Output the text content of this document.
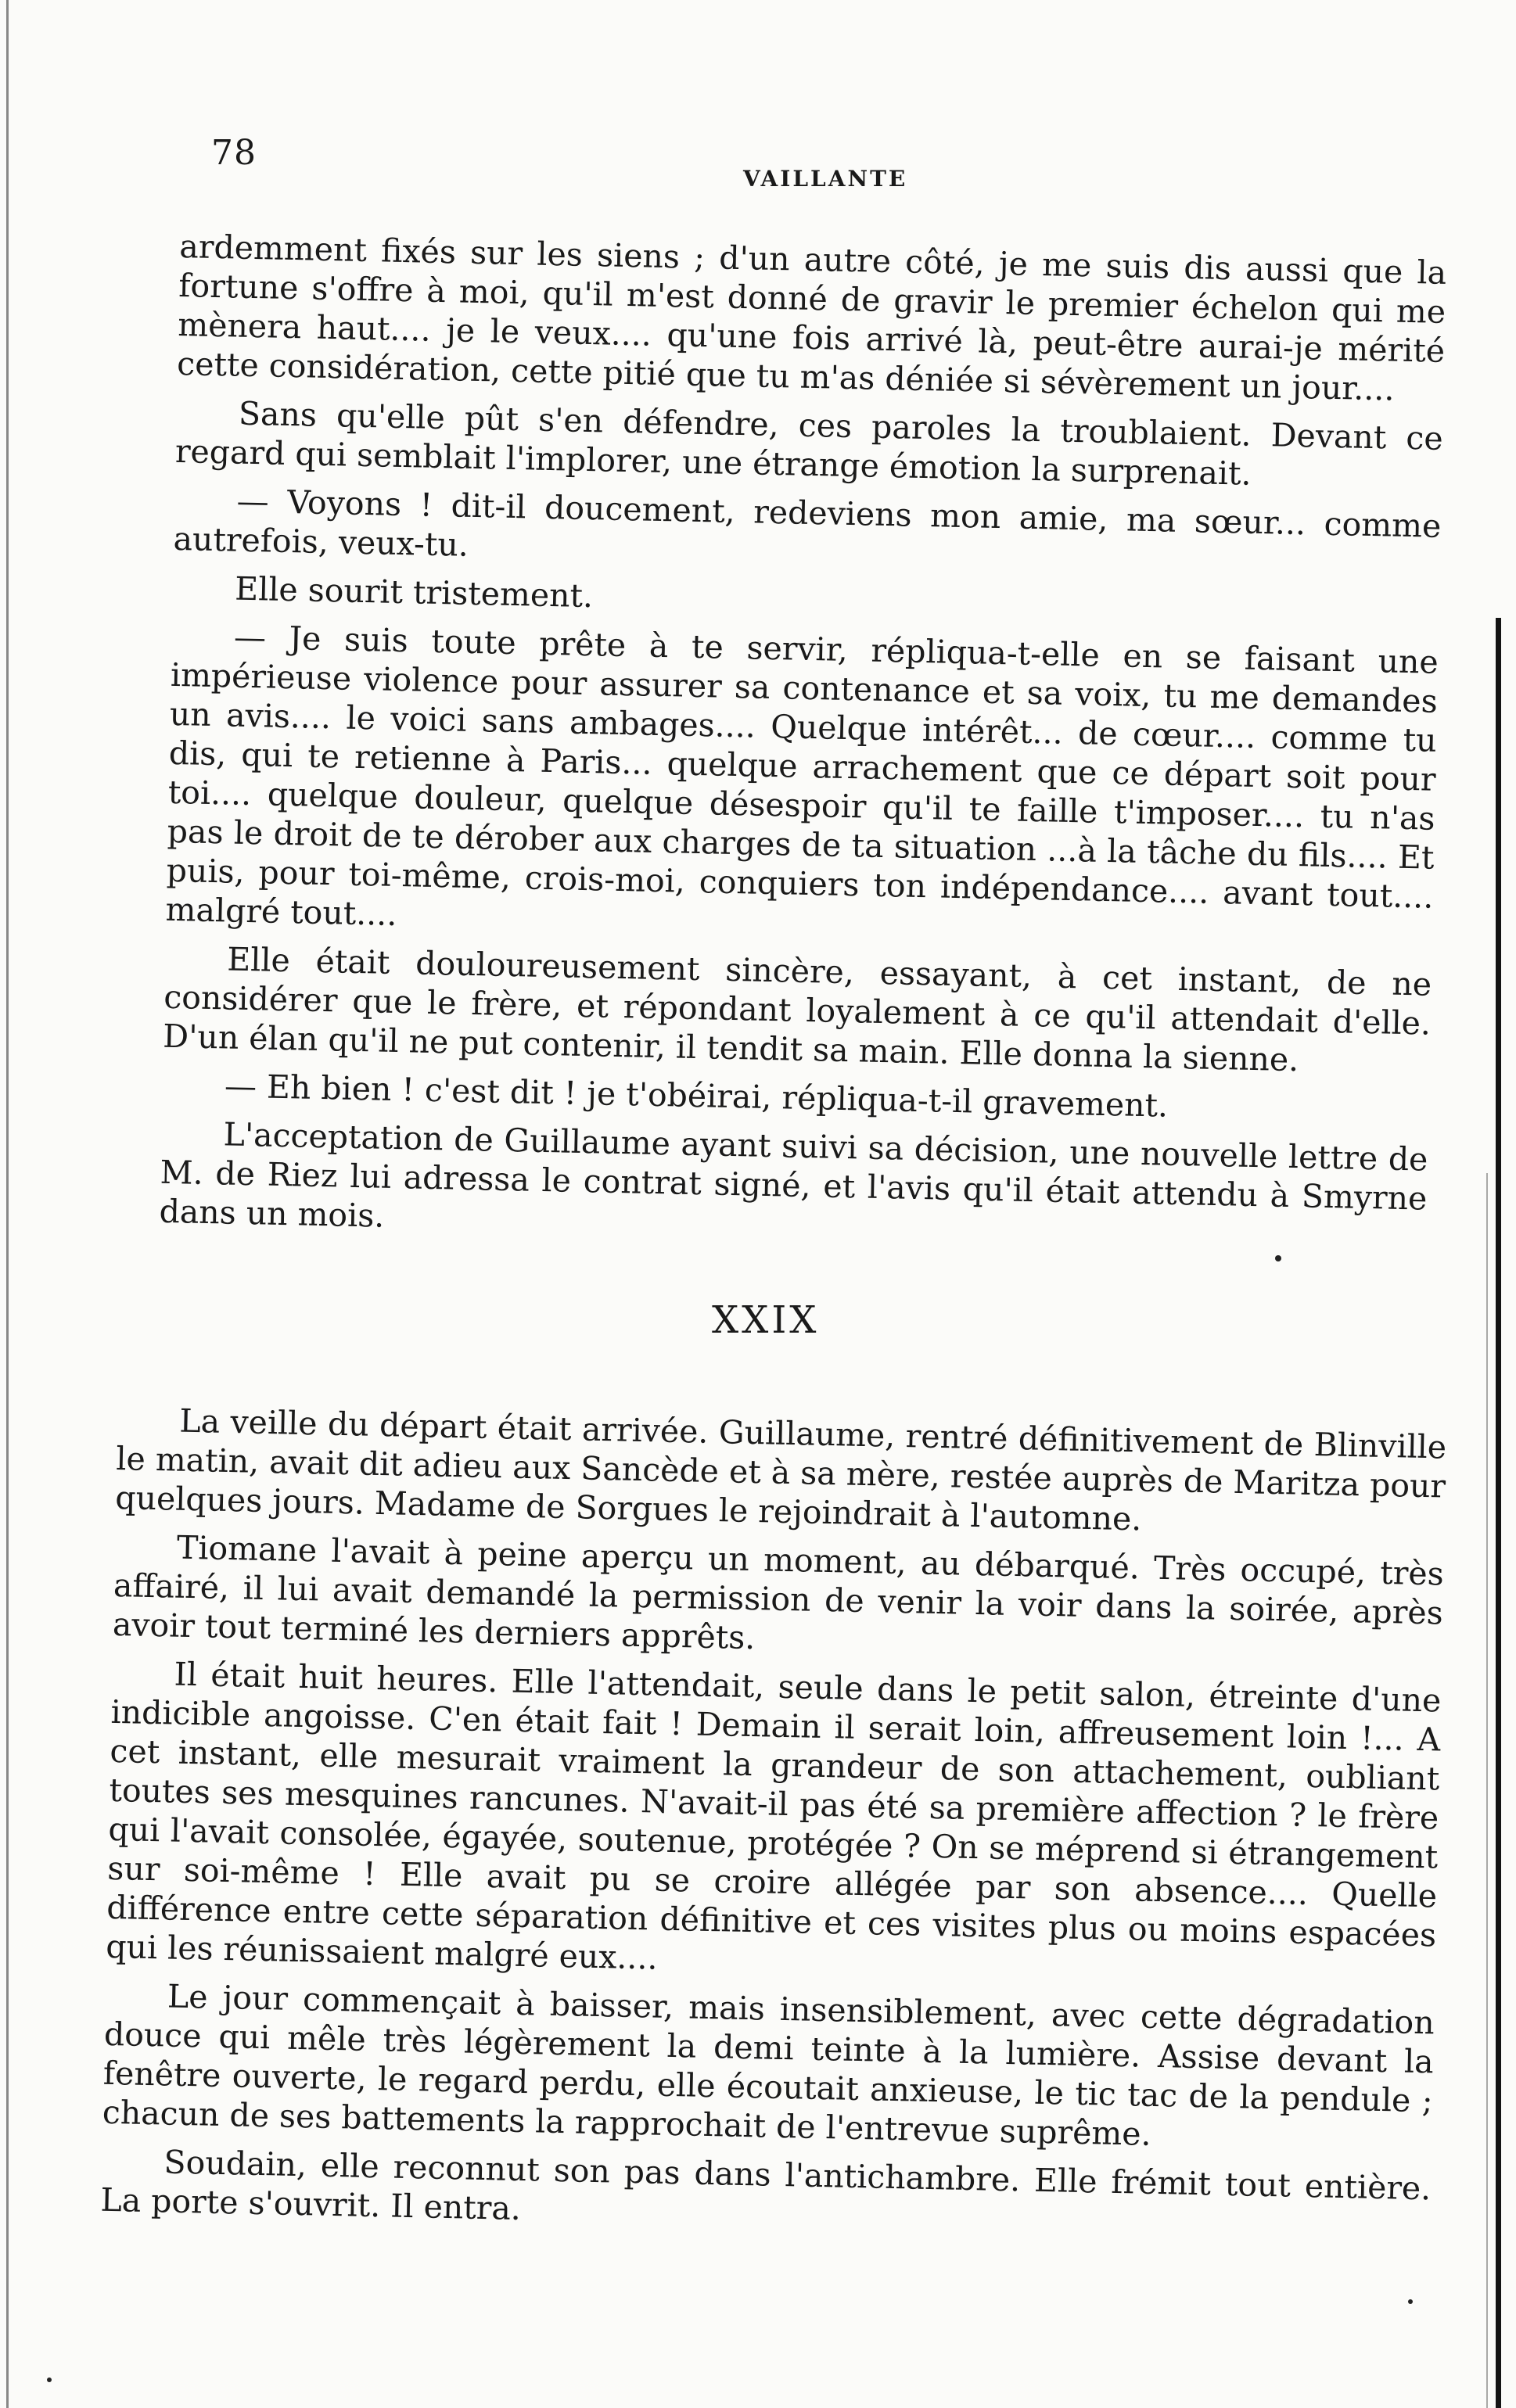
78
VAILLANTE

ardemment fixés sur les siens ; d'un autre côté, je me suis dis aussi que la fortune s'offre à moi, qu'il m'est donné de gravir le premier échelon qui me mènera haut.... je le veux.... qu'une fois arrivé là, peut-être aurai-je mérité cette considération, cette pitié que tu m'as déniée si sévèrement un jour....

Sans qu'elle pût s'en défendre, ces paroles la troublaient. Devant ce regard qui semblait l'implorer, une étrange émotion la surprenait.

— Voyons ! dit-il doucement, redeviens mon amie, ma sœur... comme autrefois, veux-tu.

Elle sourit tristement.

— Je suis toute prête à te servir, répliqua-t-elle en se faisant une impérieuse violence pour assurer sa contenance et sa voix, tu me demandes un avis.... le voici sans ambages.... Quelque intérêt... de cœur.... comme tu dis, qui te retienne à Paris... quelque arrachement que ce départ soit pour toi.... quelque douleur, quelque désespoir qu'il te faille t'imposer.... tu n'as pas le droit de te dérober aux charges de ta situation ...à la tâche du fils.... Et puis, pour toi-même, crois-moi, conquiers ton indépendance.... avant tout.... malgré tout....

Elle était douloureusement sincère, essayant, à cet instant, de ne considérer que le frère, et répondant loyalement à ce qu'il attendait d'elle. D'un élan qu'il ne put contenir, il tendit sa main. Elle donna la sienne.

— Eh bien ! c'est dit ! je t'obéirai, répliqua-t-il gravement.

L'acceptation de Guillaume ayant suivi sa décision, une nouvelle lettre de M. de Riez lui adressa le contrat signé, et l'avis qu'il était attendu à Smyrne dans un mois.

XXIX

La veille du départ était arrivée. Guillaume, rentré définitivement de Blinville le matin, avait dit adieu aux Sancède et à sa mère, restée auprès de Maritza pour quelques jours. Madame de Sorgues le rejoindrait à l'automne.

Tiomane l'avait à peine aperçu un moment, au débarqué. Très occupé, très affairé, il lui avait demandé la permission de venir la voir dans la soirée, après avoir tout terminé les derniers apprêts.

Il était huit heures. Elle l'attendait, seule dans le petit salon, étreinte d'une indicible angoisse. C'en était fait ! Demain il serait loin, affreusement loin !... A cet instant, elle mesurait vraiment la grandeur de son attachement, oubliant toutes ses mesquines rancunes. N'avait-il pas été sa première affection ? le frère qui l'avait consolée, égayée, soutenue, protégée ? On se méprend si étrangement sur soi-même ! Elle avait pu se croire allégée par son absence.... Quelle différence entre cette séparation définitive et ces visites plus ou moins espacées qui les réunissaient malgré eux....

Le jour commençait à baisser, mais insensiblement, avec cette dégradation douce qui mêle très légèrement la demi teinte à la lumière. Assise devant la fenêtre ouverte, le regard perdu, elle écoutait anxieuse, le tic tac de la pendule ; chacun de ses battements la rapprochait de l'entrevue suprême.

Soudain, elle reconnut son pas dans l'antichambre. Elle frémit tout entière. La porte s'ouvrit. Il entra.
